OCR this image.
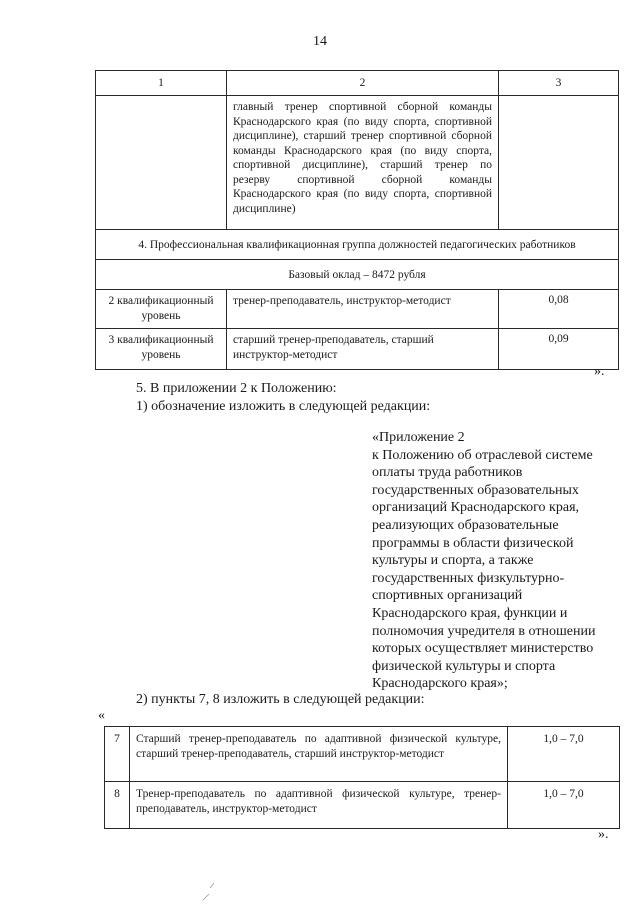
14
1	2	3
	главный тренер спортивной сборной команды Краснодарского края (по виду спорта, спортивной дисциплине), старший тренер спортивной сборной команды Краснодарского края (по виду спорта, спортивной дисциплине), старший тренер по резерву спортивной сборной команды Краснодарского края (по виду спорта, спортивной дисциплине)	
4. Профессиональная квалификационная группа должностей педагогических работников		
Базовый оклад – 8472 рубля		
2 квалификационный уровень	тренер-преподаватель, инструктор-методист	0,08
3 квалификационный уровень	старший тренер-преподаватель, старший инструктор-методист	0,09
».
5. В приложении 2 к Положению:
1) обозначение изложить в следующей редакции:
«Приложение 2
к Положению об отраслевой системе
оплаты труда работников
государственных образовательных
организаций Краснодарского края,
реализующих образовательные
программы в области физической
культуры и спорта, а также
государственных физкультурно-
спортивных организаций
Краснодарского края, функции и
полномочия учредителя в отношении
которых осуществляет министерство
физической культуры и спорта
Краснодарского края»;
2) пункты 7, 8 изложить в следующей редакции:
«
7	Старший тренер-преподаватель по адаптивной физической культуре, старший тренер-преподаватель, старший инструктор-методист	1,0 – 7,0
8	Тренер-преподаватель по адаптивной физической культуре, тренер-преподаватель, инструктор-методист	1,0 – 7,0
».
